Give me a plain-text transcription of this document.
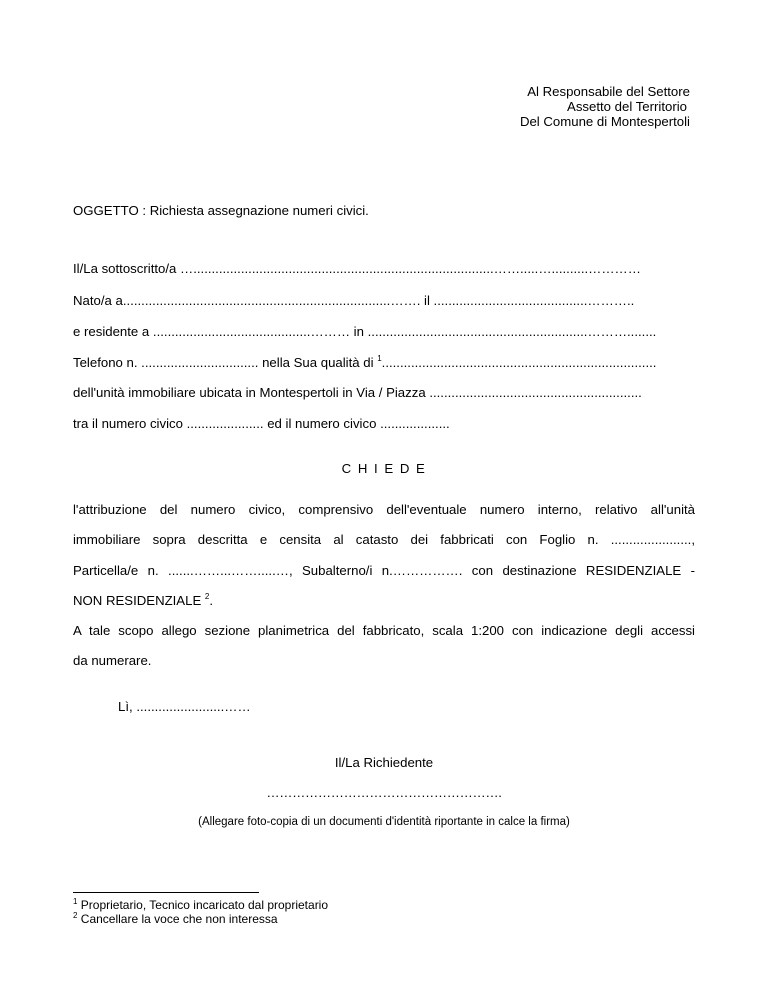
Al Responsabile del Settore
Assetto del Territorio
Del Comune di Montespertoli
OGGETTO : Richiesta assegnazione numeri civici.
Il/La sottoscritto/a …..................................................................................…….....…..........…………
Nato/a a.........................................................................……. il ..........................................………..
e residente a ...........................................……… in ............................................................………........
Telefono n. ................................ nella Sua qualità di $^1$...........................................................................
dell'unità immobiliare ubicata in Montespertoli in Via / Piazza ..........................................................
tra il numero civico ..................... ed il numero civico ...................
C H I E D E
l'attribuzione del numero civico, comprensivo dell'eventuale numero interno, relativo all'unità
immobiliare sopra descritta e censita al catasto dei fabbricati con Foglio n. ......................,
Particella/e n. .......……...…….....…, Subalterno/i n.……………. con destinazione RESIDENZIALE -
NON RESIDENZIALE $^2$.
A tale scopo allego sezione planimetrica del fabbricato, scala 1:200 con indicazione degli accessi
da numerare.
Lì, ........................……
Il/La Richiedente
……………………………………………….
(Allegare foto-copia di un documenti d'identità riportante in calce la firma)
$^1$ Proprietario, Tecnico incaricato dal proprietario
$^2$ Cancellare la voce che non interessa
